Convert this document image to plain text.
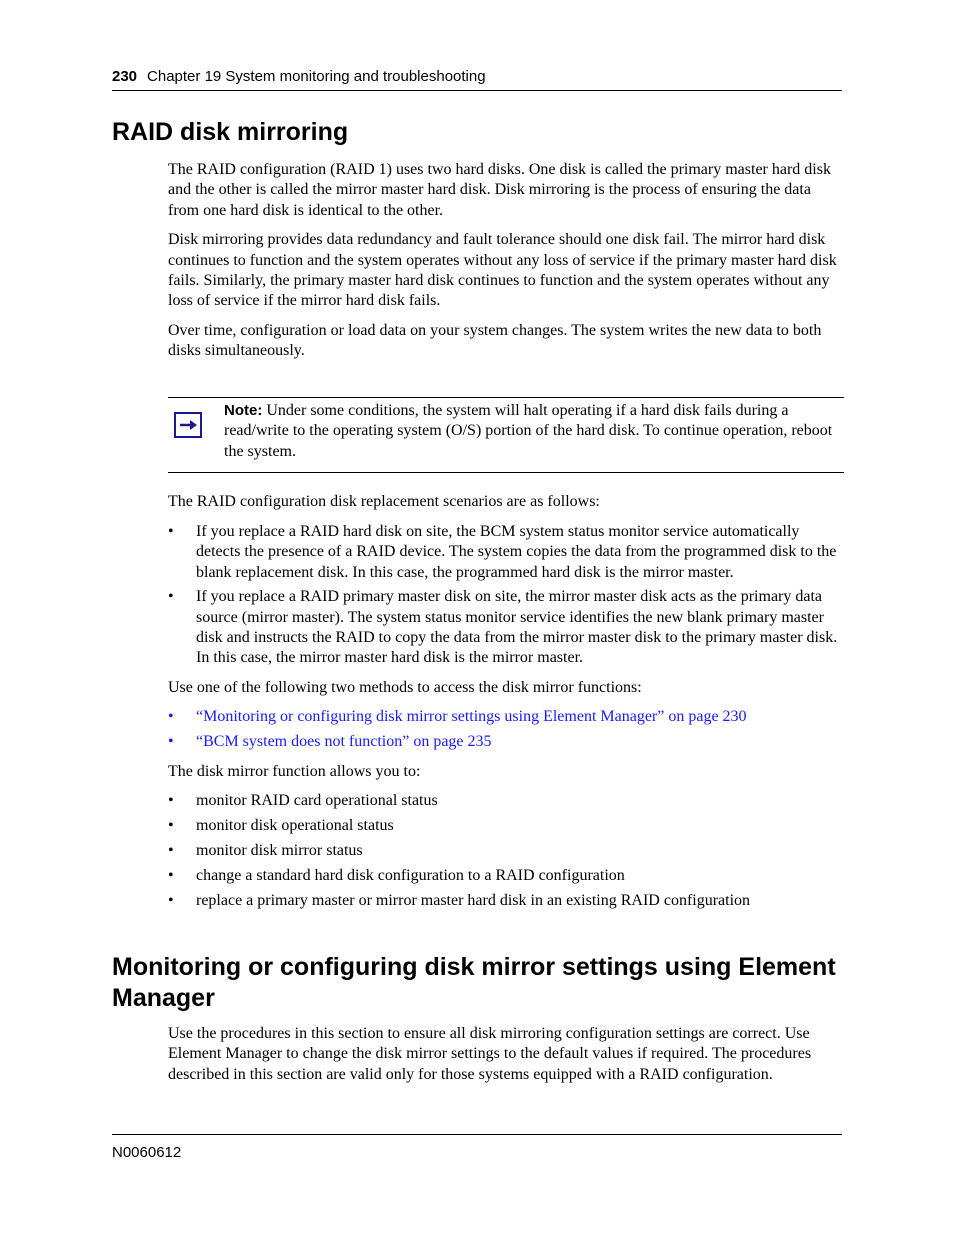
230 Chapter 19 System monitoring and troubleshooting
RAID disk mirroring

The RAID configuration (RAID 1) uses two hard disks. One disk is called the primary master hard disk and the other is called the mirror master hard disk. Disk mirroring is the process of ensuring the data from one hard disk is identical to the other.

Disk mirroring provides data redundancy and fault tolerance should one disk fail. The mirror hard disk continues to function and the system operates without any loss of service if the primary master hard disk fails. Similarly, the primary master hard disk continues to function and the system operates without any loss of service if the mirror hard disk fails.

Over time, configuration or load data on your system changes. The system writes the new data to both disks simultaneously.

Note: Under some conditions, the system will halt operating if a hard disk fails during a read/write to the operating system (O/S) portion of the hard disk. To continue operation, reboot the system.

The RAID configuration disk replacement scenarios are as follows:

• If you replace a RAID hard disk on site, the BCM system status monitor service automatically detects the presence of a RAID device. The system copies the data from the programmed disk to the blank replacement disk. In this case, the programmed hard disk is the mirror master.
• If you replace a RAID primary master disk on site, the mirror master disk acts as the primary data source (mirror master). The system status monitor service identifies the new blank primary master disk and instructs the RAID to copy the data from the mirror master disk to the primary master disk. In this case, the mirror master hard disk is the mirror master.

Use one of the following two methods to access the disk mirror functions:

• “Monitoring or configuring disk mirror settings using Element Manager” on page 230
• “BCM system does not function” on page 235

The disk mirror function allows you to:

• monitor RAID card operational status
• monitor disk operational status
• monitor disk mirror status
• change a standard hard disk configuration to a RAID configuration
• replace a primary master or mirror master hard disk in an existing RAID configuration
Monitoring or configuring disk mirror settings using Element Manager

Use the procedures in this section to ensure all disk mirroring configuration settings are correct. Use Element Manager to change the disk mirror settings to the default values if required. The procedures described in this section are valid only for those systems equipped with a RAID configuration.

N0060612
